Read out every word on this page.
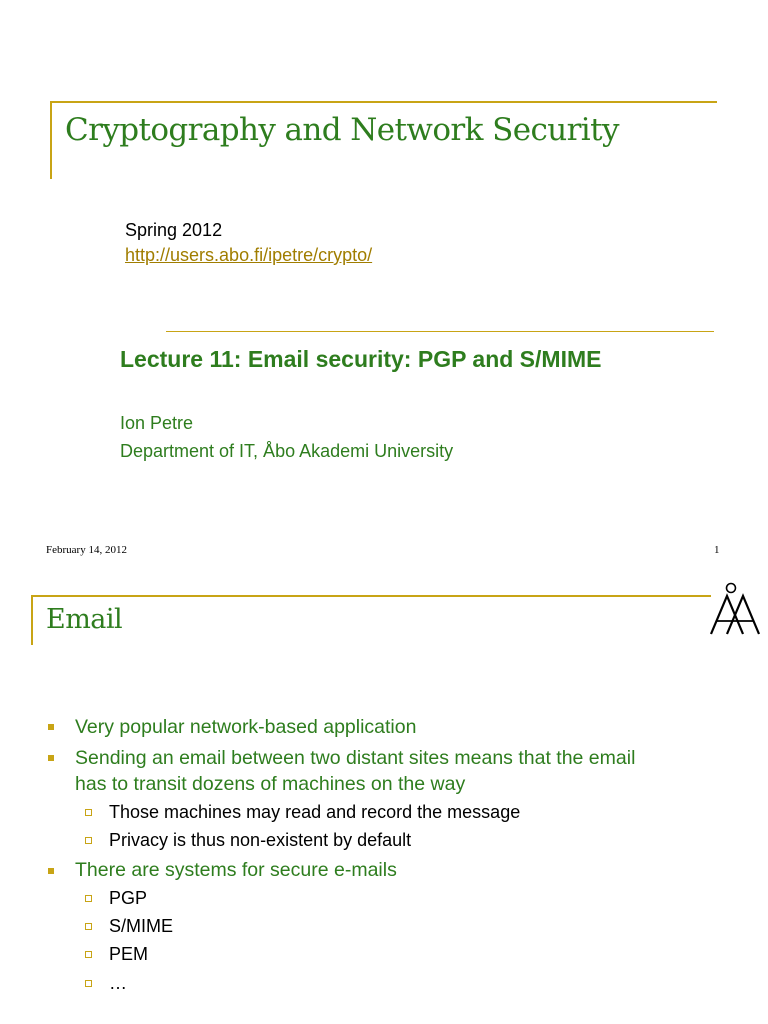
Cryptography and Network Security
Spring 2012
http://users.abo.fi/ipetre/crypto/
Lecture 11: Email security: PGP and S/MIME
Ion Petre
Department of IT, Åbo Akademi University
February 14, 2012	1
Email
Very popular network-based application
Sending an email between two distant sites means that the email
has to transit dozens of machines on the way
Those machines may read and record the message
Privacy is thus non-existent by default
There are systems for secure e-mails
PGP
S/MIME
PEM
…
